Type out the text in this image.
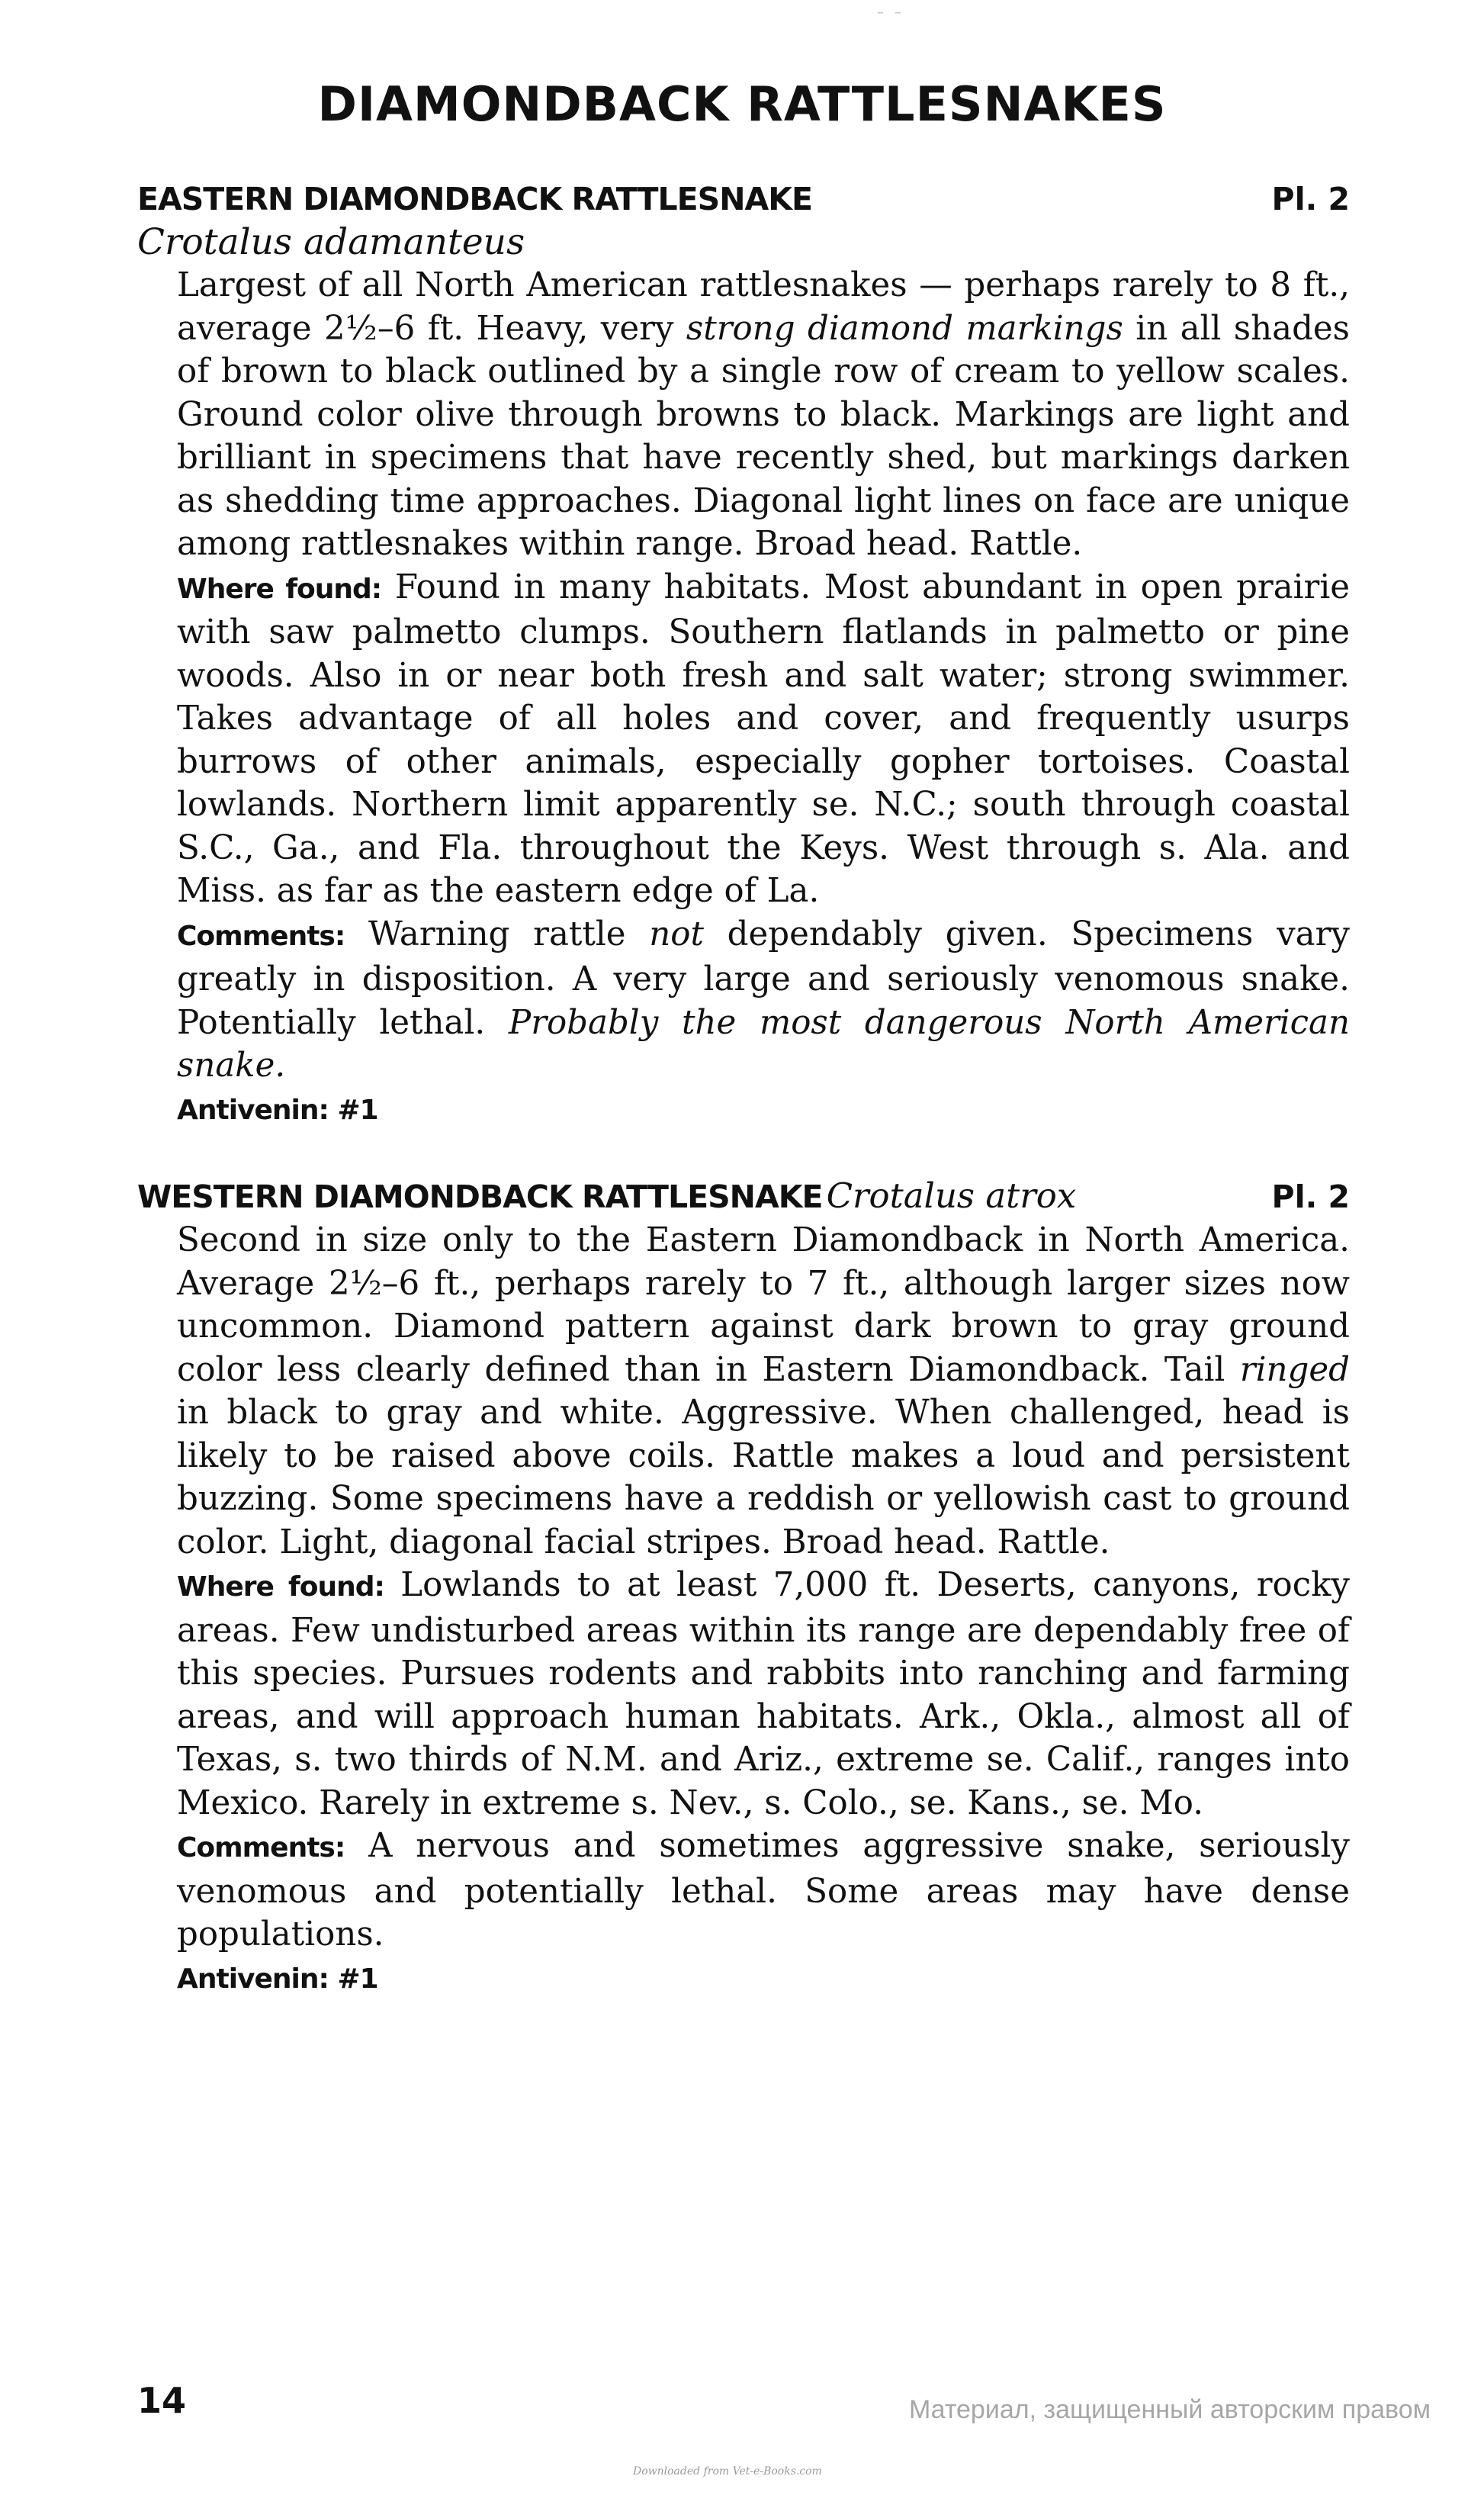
– –
DIAMONDBACK RATTLESNAKES
EASTERN DIAMONDBACK RATTLESNAKE	Pl. 2
Crotalus adamanteus

Largest of all North American rattlesnakes — perhaps rarely to 8 ft., average 2½–6 ft. Heavy, very strong diamond markings in all shades of brown to black outlined by a single row of cream to yellow scales. Ground color olive through browns to black. Markings are light and brilliant in specimens that have recently shed, but markings darken as shedding time approaches. Diagonal light lines on face are unique among rattlesnakes within range. Broad head. Rattle.

Where found: Found in many habitats. Most abundant in open prairie with saw palmetto clumps. Southern flatlands in palmetto or pine woods. Also in or near both fresh and salt water; strong swimmer. Takes advantage of all holes and cover, and frequently usurps burrows of other animals, especially gopher tortoises. Coastal lowlands. Northern limit apparently se. N.C.; south through coastal S.C., Ga., and Fla. throughout the Keys. West through s. Ala. and Miss. as far as the eastern edge of La.

Comments: Warning rattle not dependably given. Specimens vary greatly in disposition. A very large and seriously venomous snake. Potentially lethal. Probably the most dangerous North American snake.

Antivenin: #1
WESTERN DIAMONDBACK RATTLESNAKE Crotalus atrox	Pl. 2

Second in size only to the Eastern Diamondback in North America. Average 2½–6 ft., perhaps rarely to 7 ft., although larger sizes now uncommon. Diamond pattern against dark brown to gray ground color less clearly defined than in Eastern Diamondback. Tail ringed in black to gray and white. Aggressive. When challenged, head is likely to be raised above coils. Rattle makes a loud and persistent buzzing. Some specimens have a reddish or yellowish cast to ground color. Light, diagonal facial stripes. Broad head. Rattle.

Where found: Lowlands to at least 7,000 ft. Deserts, canyons, rocky areas. Few undisturbed areas within its range are dependably free of this species. Pursues rodents and rabbits into ranching and farming areas, and will approach human habitats. Ark., Okla., almost all of Texas, s. two thirds of N.M. and Ariz., extreme se. Calif., ranges into Mexico. Rarely in extreme s. Nev., s. Colo., se. Kans., se. Mo.

Comments: A nervous and sometimes aggressive snake, seriously venomous and potentially lethal. Some areas may have dense populations.

Antivenin: #1
14	Материал, защищенный авторским правом
Downloaded from Vet-e-Books.com
